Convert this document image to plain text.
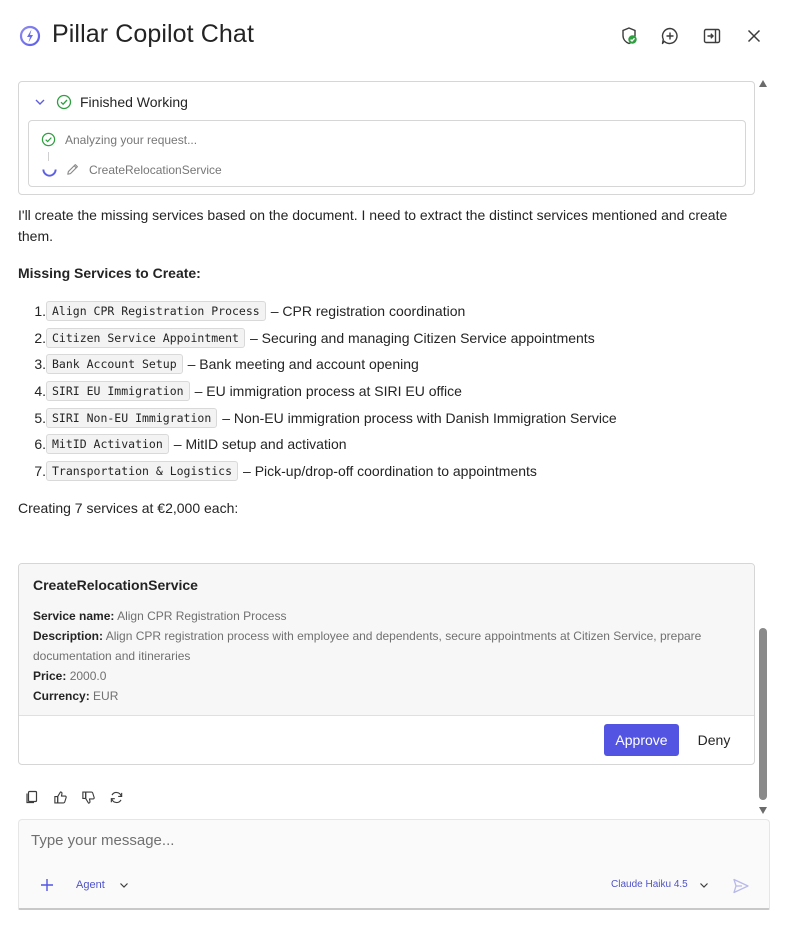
Pillar Copilot Chat
Finished Working
Analyzing your request...
CreateRelocationService
I'll create the missing services based on the document. I need to extract the distinct services mentioned and create them.
Missing Services to Create:
1. Align CPR Registration Process – CPR registration coordination
2. Citizen Service Appointment – Securing and managing Citizen Service appointments
3. Bank Account Setup – Bank meeting and account opening
4. SIRI EU Immigration – EU immigration process at SIRI EU office
5. SIRI Non-EU Immigration – Non-EU immigration process with Danish Immigration Service
6. MitID Activation – MitID setup and activation
7. Transportation & Logistics – Pick-up/drop-off coordination to appointments
Creating 7 services at €2,000 each:
CreateRelocationService
Service name: Align CPR Registration Process
Description: Align CPR registration process with employee and dependents, secure appointments at Citizen Service, prepare documentation and itineraries
Price: 2000.0
Currency: EUR
Approve	Deny
Type your message...
Agent	Claude Haiku 4.5
